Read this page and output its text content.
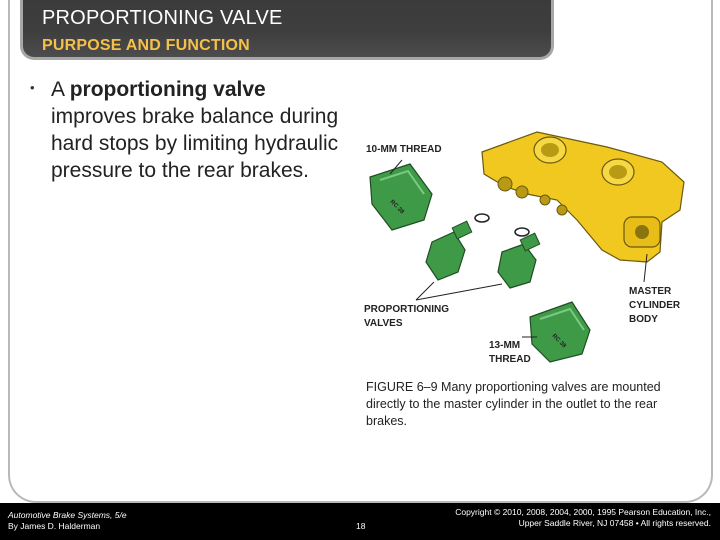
PROPORTIONING VALVE
PURPOSE AND FUNCTION
• A proportioning valve improves brake balance during hard stops by limiting hydraulic pressure to the rear brakes.
RC 38
RC 38
10-MM THREAD
PROPORTIONING
VALVES
MASTER
CYLINDER
BODY
13-MM
THREAD
FIGURE 6–9 Many proportioning valves are mounted directly to the master cylinder in the outlet to the rear brakes.
Automotive Brake Systems, 5/e
By James D. Halderman	18
Copyright © 2010, 2008, 2004, 2000, 1995 Pearson Education, Inc.,
Upper Saddle River, NJ 07458 • All rights reserved.
